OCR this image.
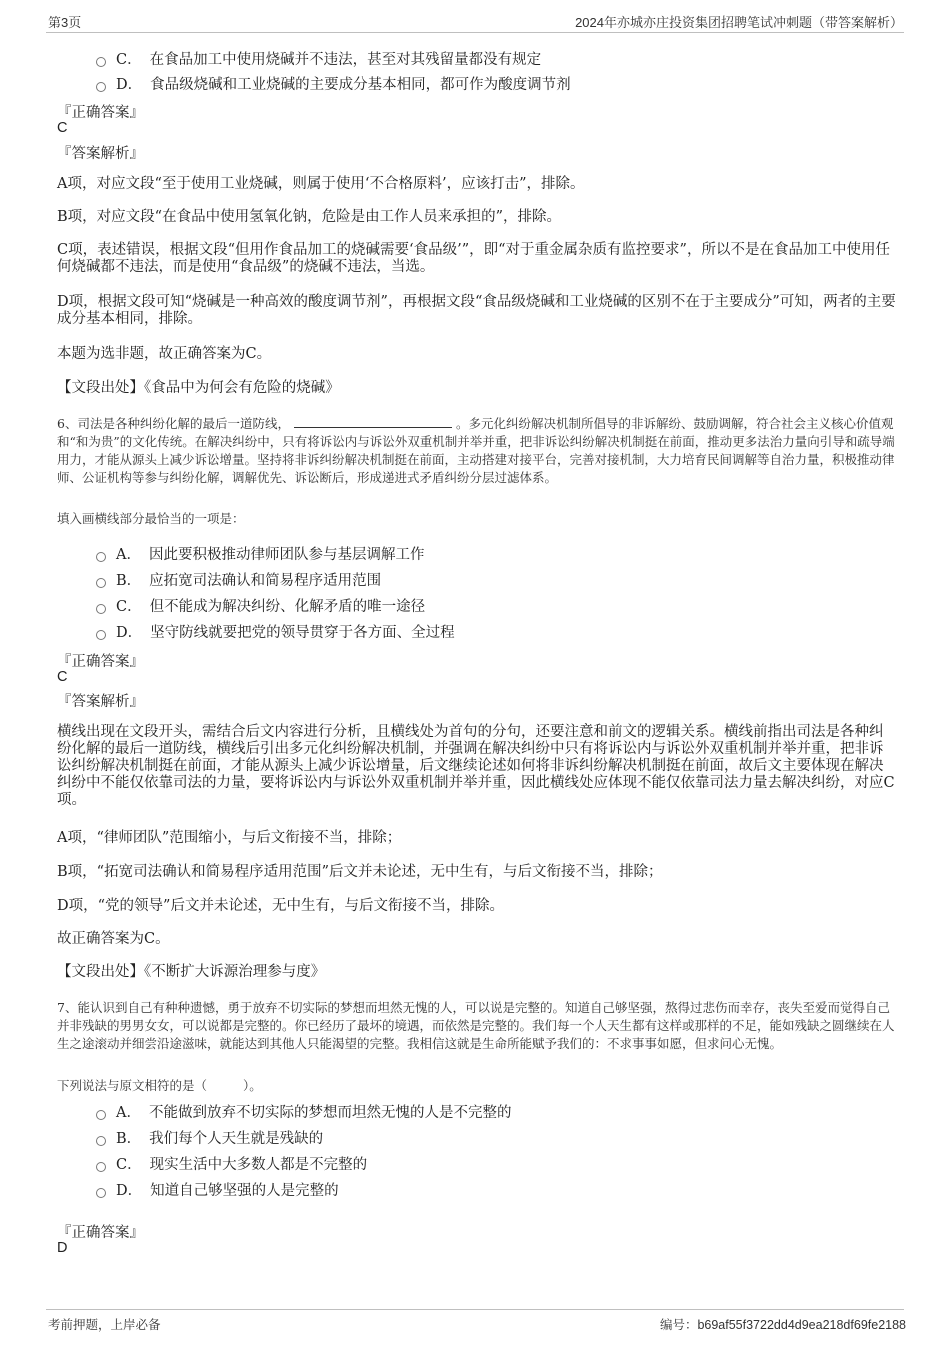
第3页	2024年亦城亦庄投资集团招聘笔试冲刺题（带答案解析）
C． 在食品加工中使用烧碱并不违法，甚至对其残留量都没有规定
D． 食品级烧碱和工业烧碱的主要成分基本相同，都可作为酸度调节剂
『正确答案』
C
『答案解析』
A项，对应文段“至于使用工业烧碱，则属于使用‘不合格原料’，应该打击”，排除。
B项，对应文段“在食品中使用氢氧化钠，危险是由工作人员来承担的”，排除。
C项，表述错误，根据文段“但用作食品加工的烧碱需要‘食品级’”，即“对于重金属杂质有监控要求”，所以不是在食品加工中使用任何烧碱都不违法，而是使用“食品级”的烧碱不违法，当选。
D项，根据文段可知“烧碱是一种高效的酸度调节剂”，再根据文段“食品级烧碱和工业烧碱的区别不在于主要成分”可知，两者的主要成分基本相同，排除。
本题为选非题，故正确答案为C。
【文段出处】《食品中为何会有危险的烧碱》
6、司法是各种纠纷化解的最后一道防线，	。多元化纠纷解决机制所倡导的非诉解纷、鼓励调解，符合社会主义核心价值观和“和为贵”的文化传统。在解决纠纷中，只有将诉讼内与诉讼外双重机制并举并重，把非诉讼纠纷解决机制挺在前面，推动更多法治力量向引导和疏导端用力，才能从源头上减少诉讼增量。坚持将非诉纠纷解决机制挺在前面，主动搭建对接平台，完善对接机制，大力培育民间调解等自治力量，积极推动律师、公证机构等参与纠纷化解，调解优先、诉讼断后，形成递进式矛盾纠纷分层过滤体系。
填入画横线部分最恰当的一项是：
A． 因此要积极推动律师团队参与基层调解工作
B． 应拓宽司法确认和简易程序适用范围
C． 但不能成为解决纠纷、化解矛盾的唯一途径
D． 坚守防线就要把党的领导贯穿于各方面、全过程
『正确答案』
C
『答案解析』
横线出现在文段开头，需结合后文内容进行分析，且横线处为首句的分句，还要注意和前文的逻辑关系。横线前指出司法是各种纠纷化解的最后一道防线，横线后引出多元化纠纷解决机制，并强调在解决纠纷中只有将诉讼内与诉讼外双重机制并举并重，把非诉讼纠纷解决机制挺在前面，才能从源头上减少诉讼增量，后文继续论述如何将非诉纠纷解决机制挺在前面，故后文主要体现在解决纠纷中不能仅依靠司法的力量，要将诉讼内与诉讼外双重机制并举并重，因此横线处应体现不能仅依靠司法力量去解决纠纷，对应C项。
A项，“律师团队”范围缩小，与后文衔接不当，排除；
B项，“拓宽司法确认和简易程序适用范围”后文并未论述，无中生有，与后文衔接不当，排除；
D项，“党的领导”后文并未论述，无中生有，与后文衔接不当，排除。
故正确答案为C。
【文段出处】《不断扩大诉源治理参与度》
7、能认识到自己有种种遗憾，勇于放弃不切实际的梦想而坦然无愧的人，可以说是完整的。知道自己够坚强，熬得过悲伤而幸存，丧失至爱而觉得自己并非残缺的男男女女，可以说都是完整的。你已经历了最坏的境遇，而依然是完整的。我们每一个人天生都有这样或那样的不足，能如残缺之圆继续在人生之途滚动并细尝沿途滋味，就能达到其他人只能渴望的完整。我相信这就是生命所能赋予我们的：不求事事如愿，但求问心无愧。
下列说法与原文相符的是（	）。
A． 不能做到放弃不切实际的梦想而坦然无愧的人是不完整的
B． 我们每个人天生就是残缺的
C． 现实生活中大多数人都是不完整的
D． 知道自己够坚强的人是完整的
『正确答案』
D
考前押题，上岸必备	编号：b69af55f3722dd4d9ea218df69fe2188
